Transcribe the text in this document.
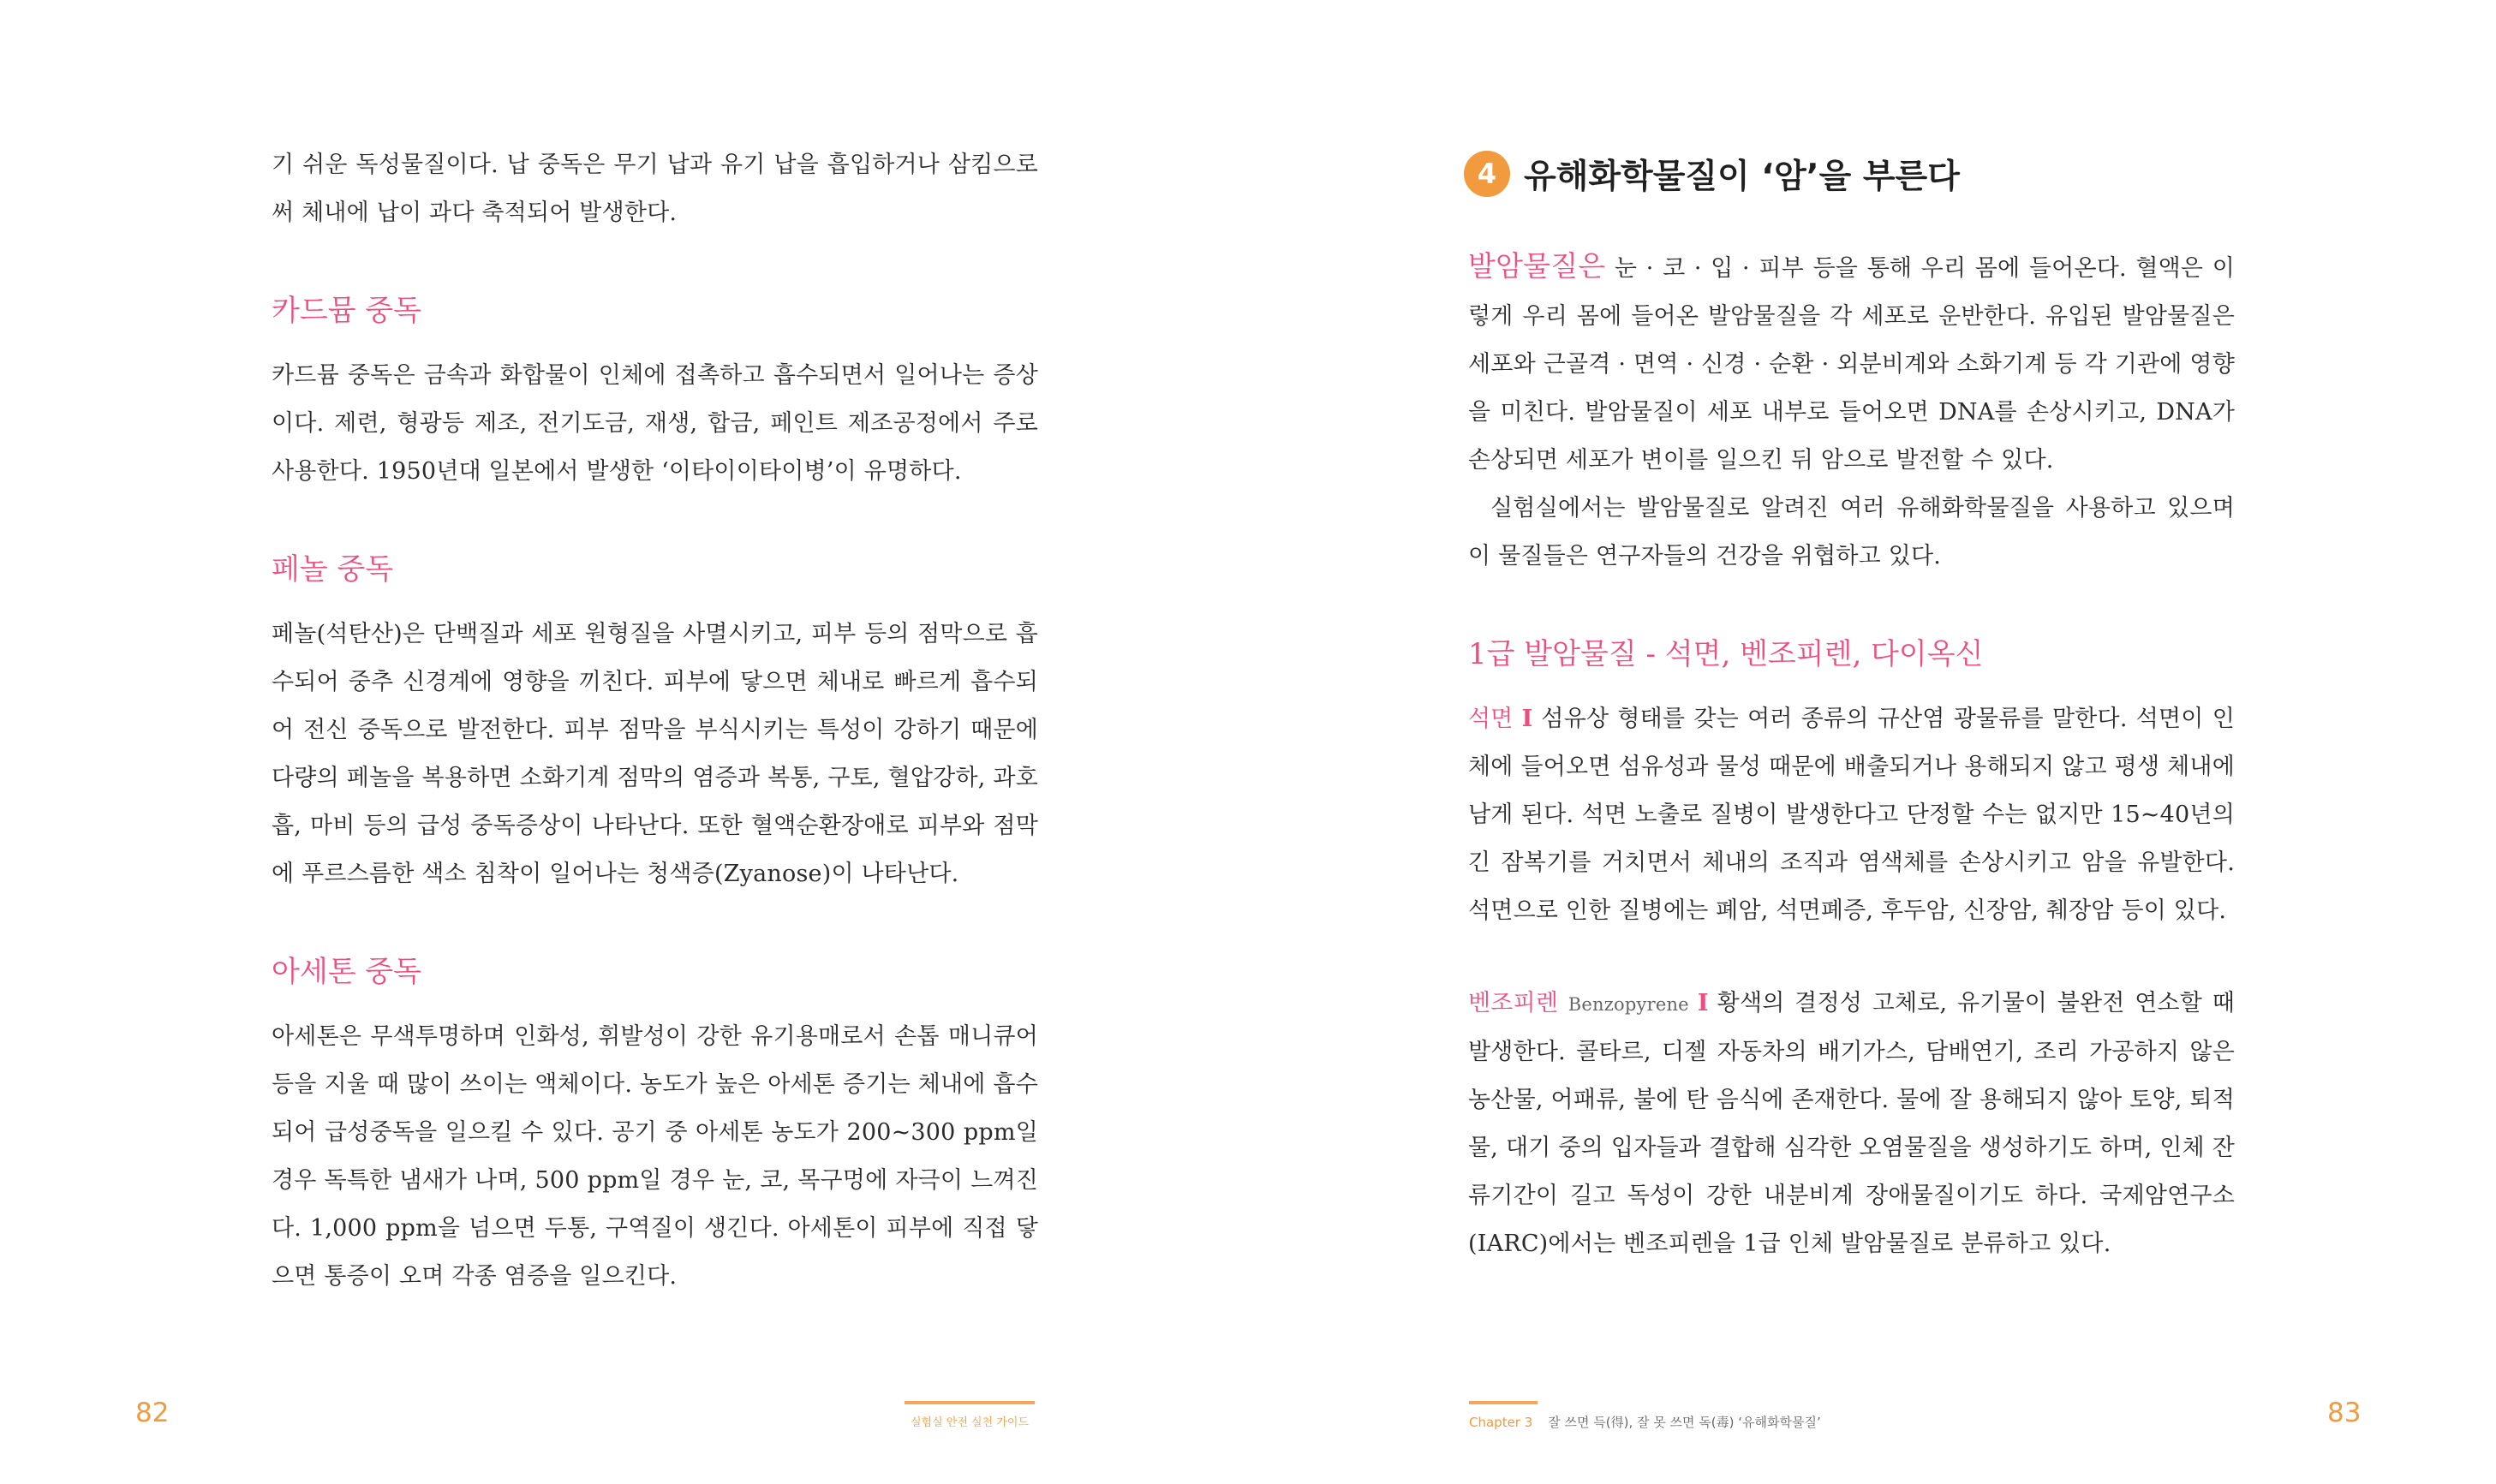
기 쉬운 독성물질이다. 납 중독은 무기 납과 유기 납을 흡입하거나 삼킴으로써 체내에 납이 과다 축적되어 발생한다.

카드뮴 중독

카드뮴 중독은 금속과 화합물이 인체에 접촉하고 흡수되면서 일어나는 증상이다. 제련, 형광등 제조, 전기도금, 재생, 합금, 페인트 제조공정에서 주로 사용한다. 1950년대 일본에서 발생한 ‘이타이이타이병’이 유명하다.

페놀 중독

페놀(석탄산)은 단백질과 세포 원형질을 사멸시키고, 피부 등의 점막으로 흡수되어 중추 신경계에 영향을 끼친다. 피부에 닿으면 체내로 빠르게 흡수되어 전신 중독으로 발전한다. 피부 점막을 부식시키는 특성이 강하기 때문에 다량의 페놀을 복용하면 소화기계 점막의 염증과 복통, 구토, 혈압강하, 과호흡, 마비 등의 급성 중독증상이 나타난다. 또한 혈액순환장애로 피부와 점막에 푸르스름한 색소 침착이 일어나는 청색증(Zyanose)이 나타난다.

아세톤 중독

아세톤은 무색투명하며 인화성, 휘발성이 강한 유기용매로서 손톱 매니큐어 등을 지울 때 많이 쓰이는 액체이다. 농도가 높은 아세톤 증기는 체내에 흡수되어 급성중독을 일으킬 수 있다. 공기 중 아세톤 농도가 200~300 ppm일 경우 독특한 냄새가 나며, 500 ppm일 경우 눈, 코, 목구멍에 자극이 느껴진다. 1,000 ppm을 넘으면 두통, 구역질이 생긴다. 아세톤이 피부에 직접 닿으면 통증이 오며 각종 염증을 일으킨다.

실험실 안전 실천 가이드
82
4 유해화학물질이 ‘암’을 부른다

발암물질은 눈 · 코 · 입 · 피부 등을 통해 우리 몸에 들어온다. 혈액은 이렇게 우리 몸에 들어온 발암물질을 각 세포로 운반한다. 유입된 발암물질은 세포와 근골격 · 면역 · 신경 · 순환 · 외분비계와 소화기계 등 각 기관에 영향을 미친다. 발암물질이 세포 내부로 들어오면 DNA를 손상시키고, DNA가 손상되면 세포가 변이를 일으킨 뒤 암으로 발전할 수 있다.

실험실에서는 발암물질로 알려진 여러 유해화학물질을 사용하고 있으며 이 물질들은 연구자들의 건강을 위협하고 있다.

1급 발암물질 - 석면, 벤조피렌, 다이옥신

석면 I 섬유상 형태를 갖는 여러 종류의 규산염 광물류를 말한다. 석면이 인체에 들어오면 섬유성과 물성 때문에 배출되거나 용해되지 않고 평생 체내에 남게 된다. 석면 노출로 질병이 발생한다고 단정할 수는 없지만 15~40년의 긴 잠복기를 거치면서 체내의 조직과 염색체를 손상시키고 암을 유발한다. 석면으로 인한 질병에는 폐암, 석면폐증, 후두암, 신장암, 췌장암 등이 있다.

벤조피렌 Benzopyrene I 황색의 결정성 고체로, 유기물이 불완전 연소할 때 발생한다. 콜타르, 디젤 자동차의 배기가스, 담배연기, 조리 가공하지 않은 농산물, 어패류, 불에 탄 음식에 존재한다. 물에 잘 용해되지 않아 토양, 퇴적물, 대기 중의 입자들과 결합해 심각한 오염물질을 생성하기도 하며, 인체 잔류기간이 길고 독성이 강한 내분비계 장애물질이기도 하다. 국제암연구소(IARC)에서는 벤조피렌을 1급 인체 발암물질로 분류하고 있다.

Chapter 3 잘 쓰면 득(得), 잘 못 쓰면 독(毒) ‘유해화학물질’	83
